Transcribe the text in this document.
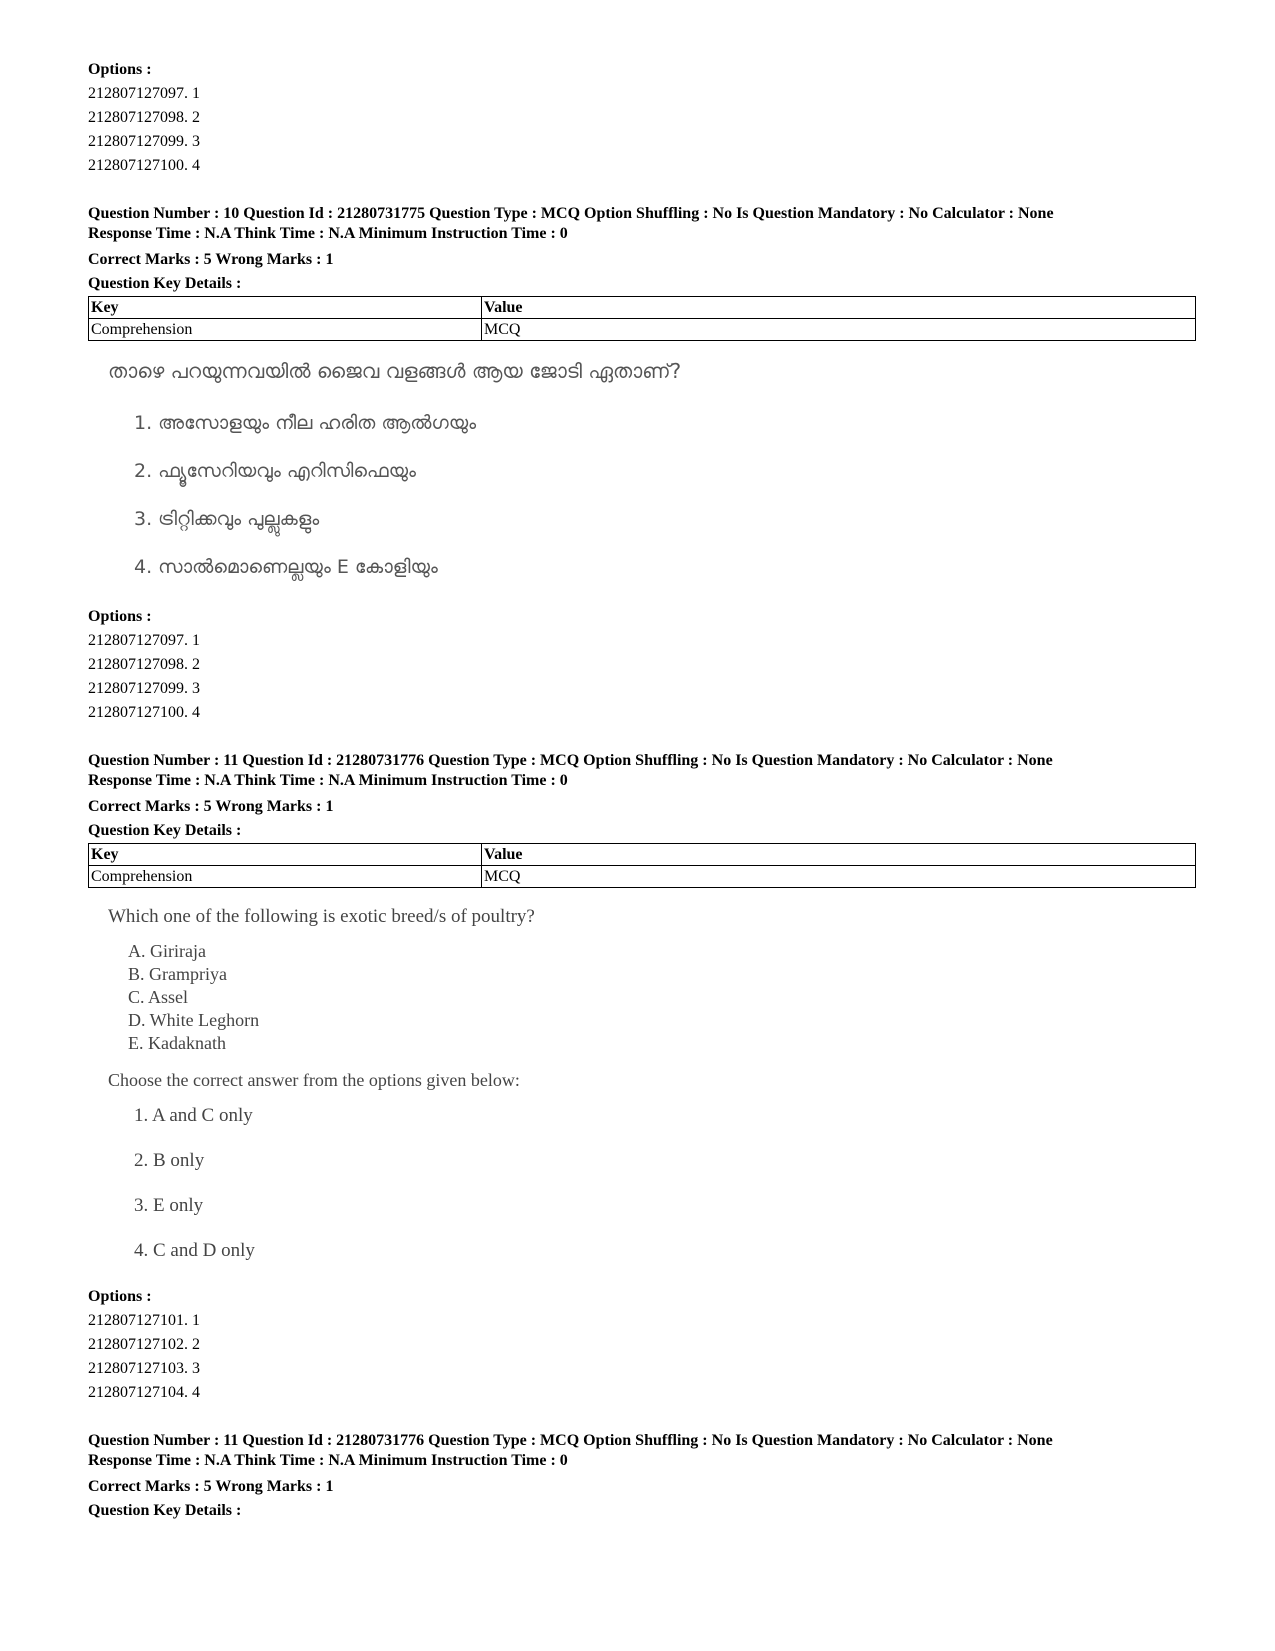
Options :
212807127097. 1
212807127098. 2
212807127099. 3
212807127100. 4
Question Number : 10 Question Id : 21280731775 Question Type : MCQ Option Shuffling : No Is Question Mandatory : No Calculator : None
Response Time : N.A Think Time : N.A Minimum Instruction Time : 0
Correct Marks : 5 Wrong Marks : 1
Question Key Details :
Key	Value
Comprehension	MCQ
താഴെ പറയുന്നവയിൽ ജൈവ വളങ്ങൾ ആയ ജോടി ഏതാണ്?
1. അസോളയും നീല ഹരിത ആൽഗയും
2. ഫ്യൂസേറിയവും എറിസിഫെയും
3. ട്രിറ്റിക്കവും പുല്ലുകളും
4. സാൽമൊണെല്ലയും E കോളിയും
Options :
212807127097. 1
212807127098. 2
212807127099. 3
212807127100. 4
Question Number : 11 Question Id : 21280731776 Question Type : MCQ Option Shuffling : No Is Question Mandatory : No Calculator : None
Response Time : N.A Think Time : N.A Minimum Instruction Time : 0
Correct Marks : 5 Wrong Marks : 1
Question Key Details :
Key	Value
Comprehension	MCQ
Which one of the following is exotic breed/s of poultry?
A. Giriraja
B. Grampriya
C. Assel
D. White Leghorn
E. Kadaknath
Choose the correct answer from the options given below:
1. A and C only
2. B only
3. E only
4. C and D only
Options :
212807127101. 1
212807127102. 2
212807127103. 3
212807127104. 4
Question Number : 11 Question Id : 21280731776 Question Type : MCQ Option Shuffling : No Is Question Mandatory : No Calculator : None
Response Time : N.A Think Time : N.A Minimum Instruction Time : 0
Correct Marks : 5 Wrong Marks : 1
Question Key Details :
